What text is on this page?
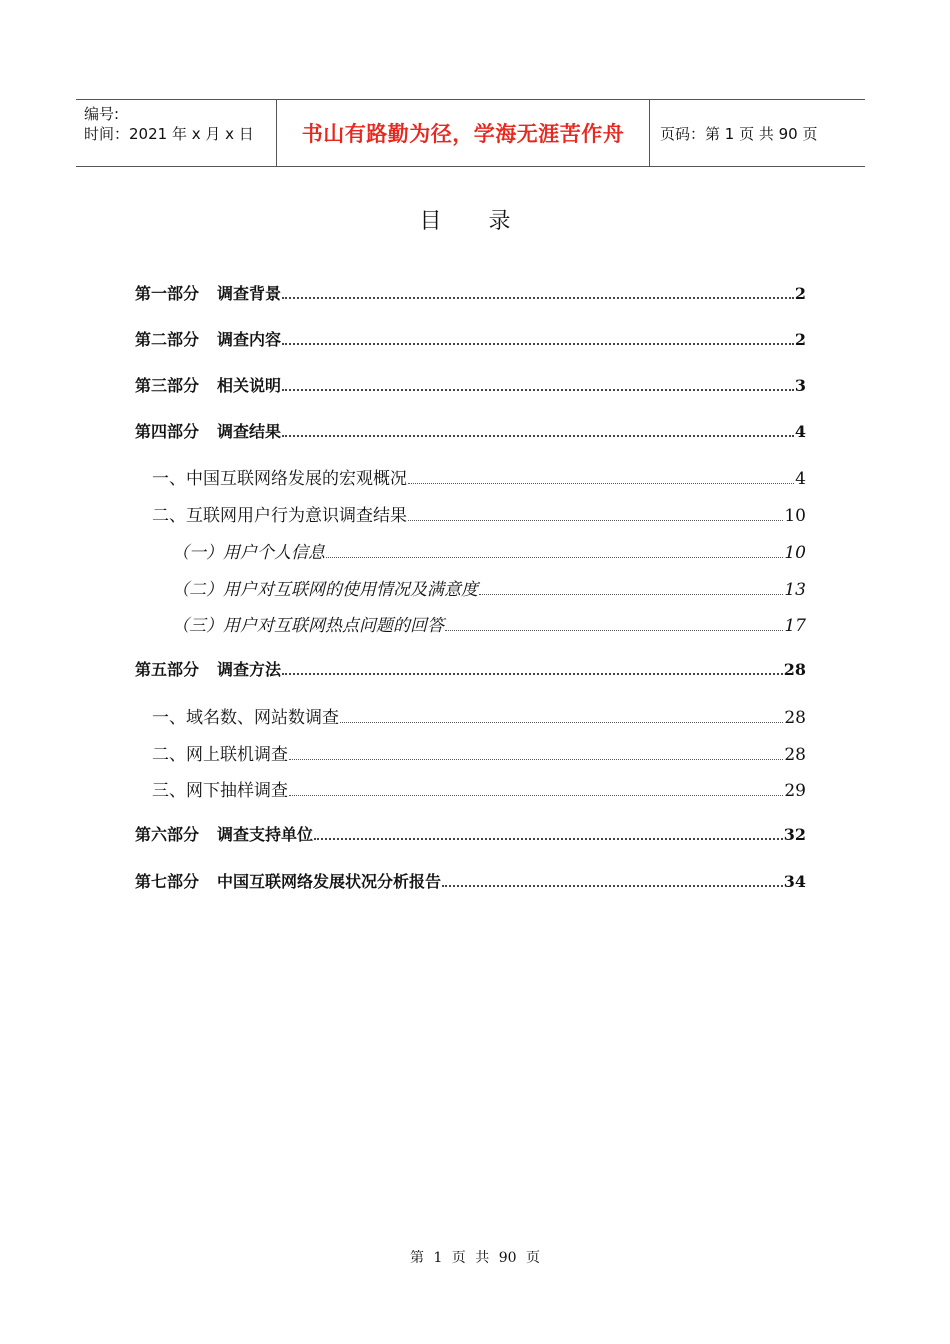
编号:
时间：2021 年 x 月 x 日	书山有路勤为径，学海无涯苦作舟 页码：第 1 页 共 90 页
目 录
第一部分 调查背景	2
第二部分 调查内容	2
第三部分 相关说明	3
第四部分 调查结果	4
一、中国互联网络发展的宏观概况	4
二、互联网用户行为意识调查结果	10
（一）用户个人信息	10
（二）用户对互联网的使用情况及满意度	13
（三）用户对互联网热点问题的回答	17
第五部分 调查方法	28
一、域名数、网站数调查	28
二、网上联机调查	28
三、网下抽样调查	29
第六部分 调查支持单位	32
第七部分 中国互联网络发展状况分析报告	34
第 1 页 共 90 页
